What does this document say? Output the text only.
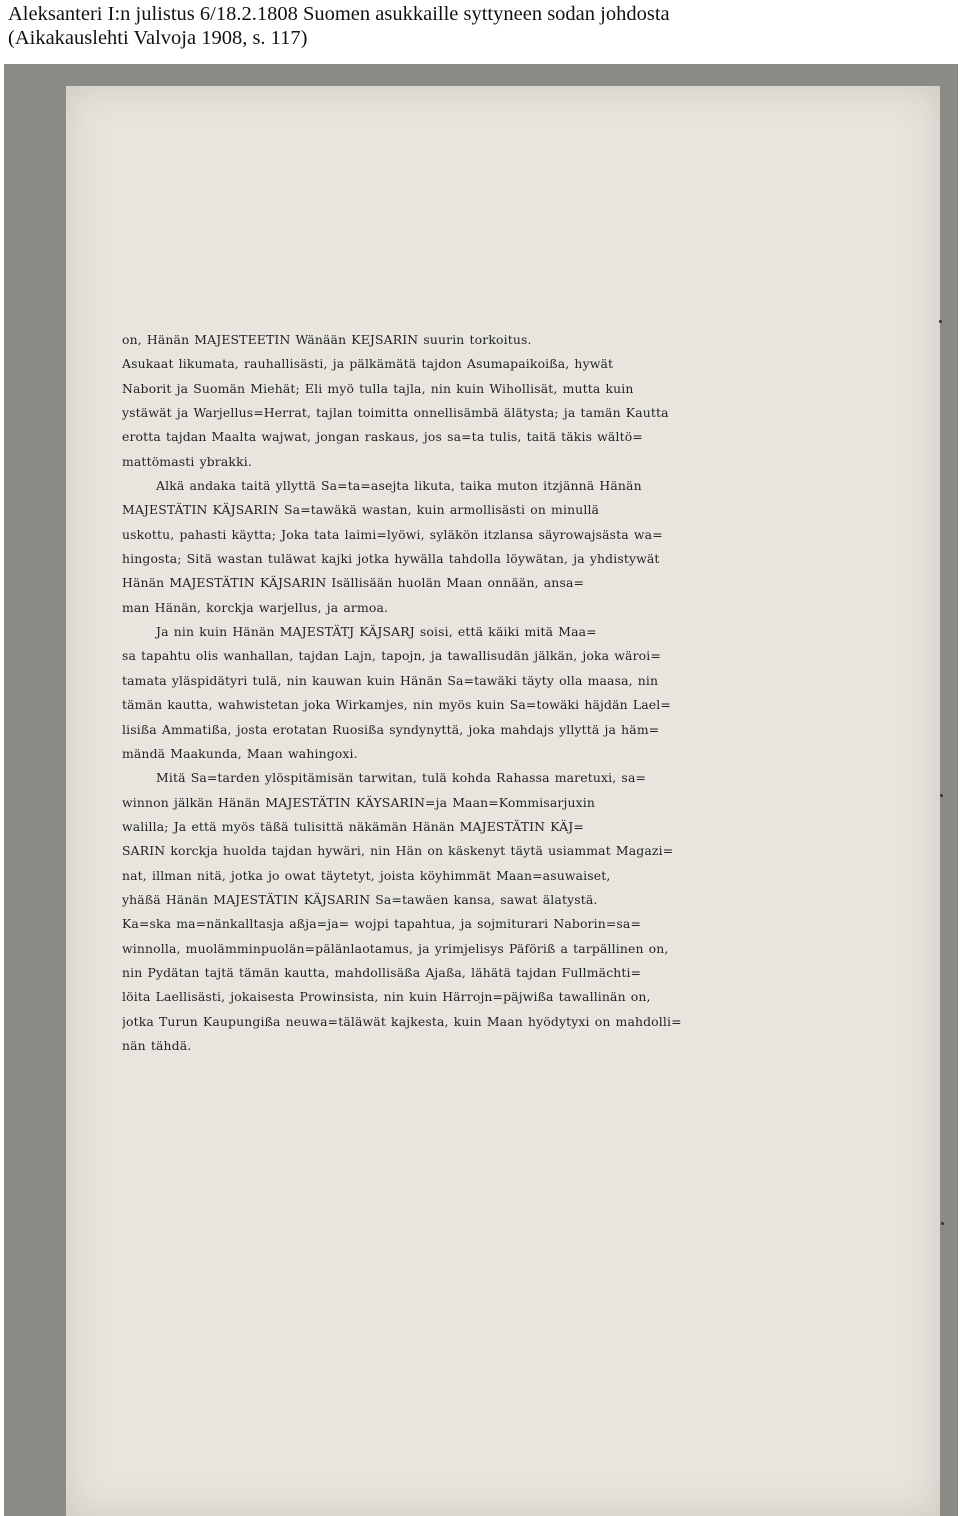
Aleksanteri I:n julistus 6/18.2.1808 Suomen asukkaille syttyneen sodan johdosta
(Aikakauslehti Valvoja 1908, s. 117)

on, Hänän MAJESTEETIN Wänään KEJSARIN suurin torkoitus.
Asukaat likumata, rauhallisästi, ja pälkämätä tajdon Asumapaikoißa, hywät
Naborit ja Suomän Miehät; Eli myö tulla tajla, nin kuin Wihollisät, mutta kuin
ystäwät ja Warjellus=Herrat, tajlan toimitta onnellisämbä älätysta; ja tamän Kautta
erotta tajdan Maalta wajwat, jongan raskaus, jos sa=ta tulis, taitä täkis wältö=
mattömasti ybrakki.

Alkä andaka taitä yllyttä Sa=ta=asejta likuta, taika muton itzjännä Hänän
MAJESTÄTIN KÄJSARIN Sa=tawäkä wastan, kuin armollisästi on minullä
uskottu, pahasti käytta; Joka tata laimi=lyöwi, syläkön itzlansa säyrowajsästa wa=
hingosta; Sitä wastan tuläwat kajki jotka hywälla tahdolla löywätan, ja yhdistywät
Hänän MAJESTÄTIN KÄJSARIN Isällisään huolän Maan onnään, ansa=
man Hänän, korckja warjellus, ja armoa.

Ja nin kuin Hänän MAJESTÄTJ KÄJSARJ soisi, että käiki mitä Maa=
sa tapahtu olis wanhallan, tajdan Lajn, tapojn, ja tawallisudän jälkän, joka wäroi=
tamata yläspidätyri tulä, nin kauwan kuin Hänän Sa=tawäki täyty olla maasa, nin
tämän kautta, wahwistetan joka Wirkamjes, nin myös kuin Sa=towäki häjdän Lael=
lisißa Ammatißa, josta erotatan Ruosißa syndynyttä, joka mahdajs yllyttä ja häm=
mändä Maakunda, Maan wahingoxi.

Mitä Sa=tarden ylöspitämisän tarwitan, tulä kohda Rahassa maretuxi, sa=
winnon jälkän Hänän MAJESTÄTIN KÄYSARIN=ja Maan=Kommisarjuxin
walilla; Ja että myös täßä tulisittä näkämän Hänän MAJESTÄTIN KÄJ=
SARIN korckja huolda tajdan hywäri, nin Hän on käskenyt täytä usiammat Magazi=
nat, illman nitä, jotka jo owat täytetyt, joista köyhimmät Maan=asuwaiset,
yhäßä Hänän MAJESTÄTIN KÄJSARIN Sa=tawäen kansa, sawat älatystä.
Ka=ska ma=nänkalltasja aßja=ja= wojpi tapahtua, ja sojmiturari Naborin=sa=
winnolla, muolämminpuolän=pälänlaotamus, ja yrimjelisys Päföriß a tarpällinen on,
nin Pydätan tajtä tämän kautta, mahdollisäßa Ajaßa, lähätä tajdan Fullmächti=
löita Laellisästi, jokaisesta Prowinsista, nin kuin Härrojn=päjwißa tawallinän on,
jotka Turun Kaupungißa neuwa=täläwät kajkesta, kuin Maan hyödytyxi on mahdolli=
nän tähdä.
